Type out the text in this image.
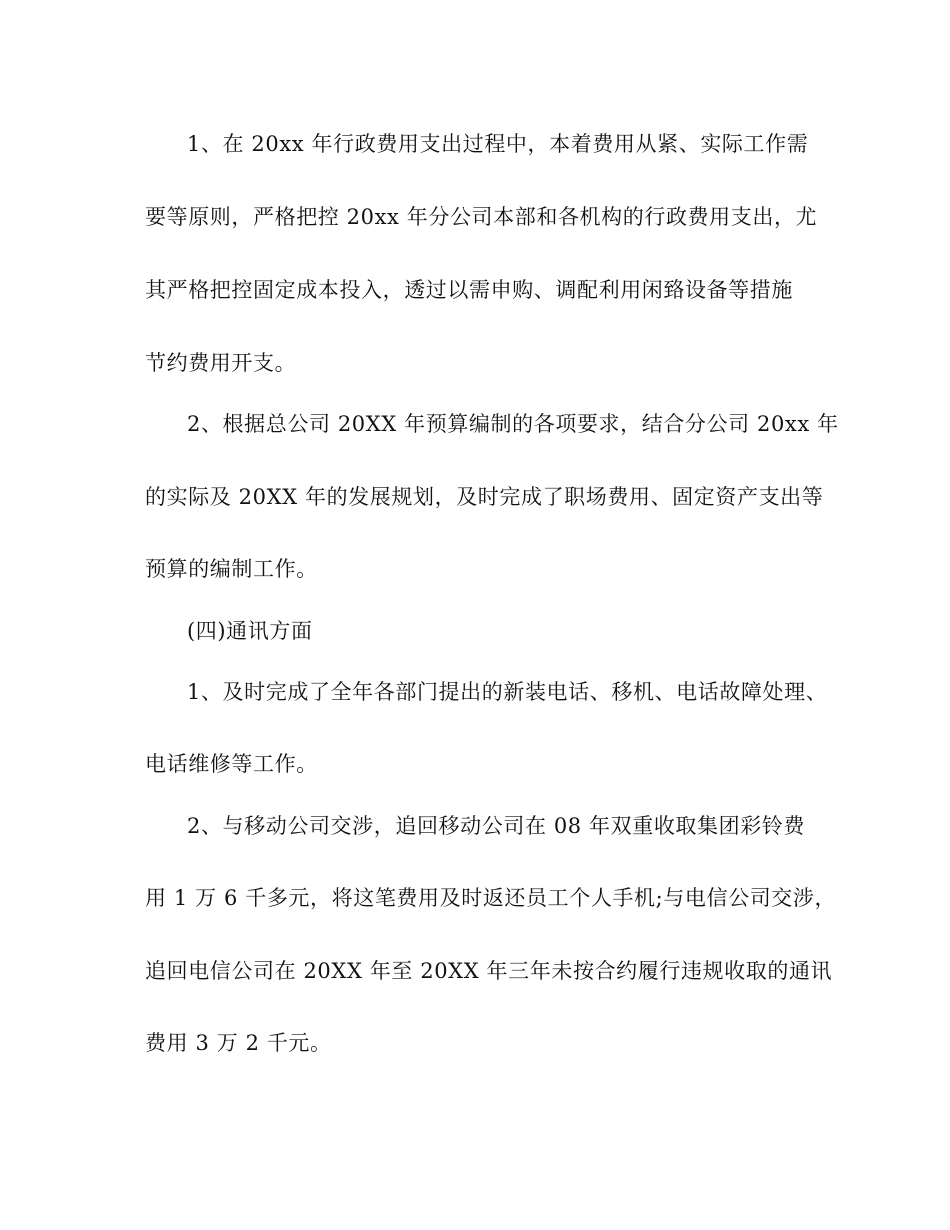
1、在 20xx 年行政费用支出过程中，本着费用从紧、实际工作需
要等原则，严格把控 20xx 年分公司本部和各机构的行政费用支出，尤
其严格把控固定成本投入，透过以需申购、调配利用闲臵设备等措施
节约费用开支。
2、根据总公司 20XX 年预算编制的各项要求，结合分公司 20xx 年
的实际及 20XX 年的发展规划，及时完成了职场费用、固定资产支出等
预算的编制工作。
(四)通讯方面
1、及时完成了全年各部门提出的新装电话、移机、电话故障处理、
电话维修等工作。
2、与移动公司交涉，追回移动公司在 08 年双重收取集团彩铃费
用 1 万 6 千多元，将这笔费用及时返还员工个人手机;与电信公司交涉，
追回电信公司在 20XX 年至 20XX 年三年未按合约履行违规收取的通讯
费用 3 万 2 千元。
